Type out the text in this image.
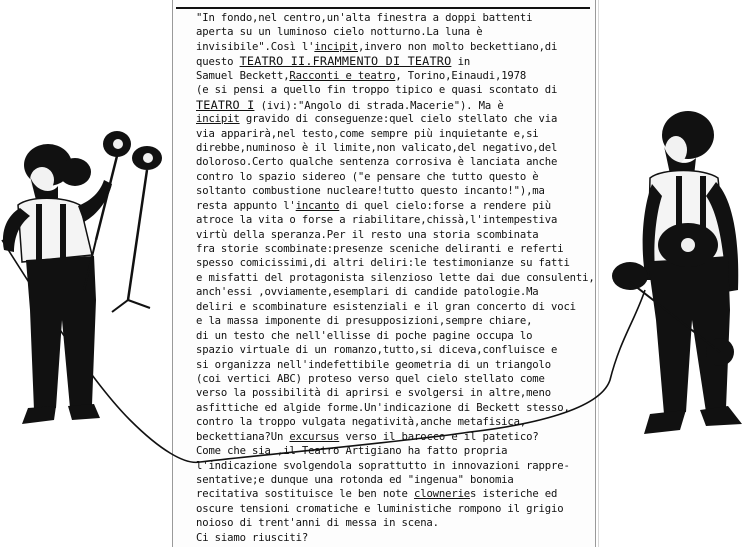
"In fondo,nel centro,un'alta finestra a doppi battenti
aperta su un luminoso cielo notturno.La luna è
invisibile".Così l'incipit,invero non molto beckettiano,di
questo TEATRO II.FRAMMENTO DI TEATRO in
Samuel Beckett,Racconti e teatro, Torino,Einaudi,1978
(e si pensi a quello fin troppo tipico e quasi scontato di
TEATRO I (ivi):"Angolo di strada.Macerie"). Ma è
incipit gravido di conseguenze:quel cielo stellato che via
via apparirà,nel testo,come sempre più inquietante e,si
direbbe,numinoso è il limite,non valicato,del negativo,del
doloroso.Certo qualche sentenza corrosiva è lanciata anche
contro lo spazio sidereo ("e pensare che tutto questo è
soltanto combustione nucleare!tutto questo incanto!"),ma
resta appunto l'incanto di quel cielo:forse a rendere più
atroce la vita o forse a riabilitare,chissà,l'intempestiva
virtù della speranza.Per il resto una storia scombinata
fra storie scombinate:presenze sceniche deliranti e referti
spesso comicissimi,di altri deliri:le testimonianze su fatti
e misfatti del protagonista silenzioso lette dai due consulenti,
anch'essi ,ovviamente,esemplari di candide patologie.Ma
deliri e scombinature esistenziali e il gran concerto di voci
e la massa imponente di presupposizioni,sempre chiare,
di un testo che nell'ellisse di poche pagine occupa lo
spazio virtuale di un romanzo,tutto,si diceva,confluisce e
si organizza nell'indefettibile geometria di un triangolo
(coi vertici ABC) proteso verso quel cielo stellato come
verso la possibilità di aprirsi e svolgersi in altre,meno
asfittiche ed algide forme.Un'indicazione di Beckett stesso,
contro la troppo vulgata negatività,anche metafisica,
beckettiana?Un excursus verso il barocco e il patetico?
Come che sia ,il Teatro Artigiano ha fatto propria
l'indicazione svolgendola soprattutto in innovazioni rappre-
sentative;e dunque una rotonda ed "ingenua" bonomia
recitativa sostituisce le ben note clowneries isteriche ed
oscure tensioni cromatiche e luministiche rompono il grigio
noioso di trent'anni di messa in scena.
Ci siamo riusciti?
